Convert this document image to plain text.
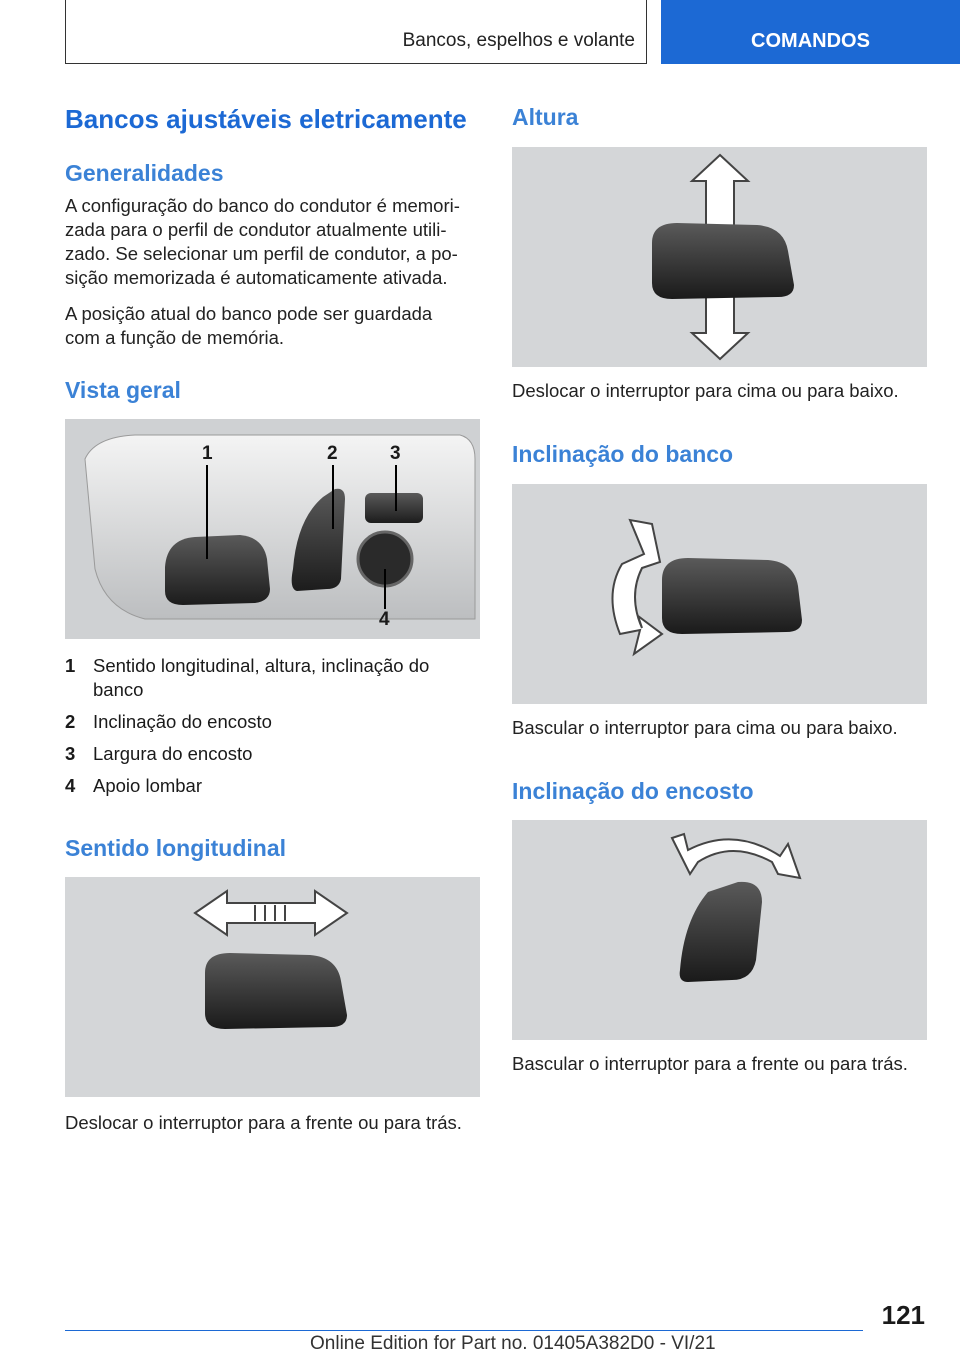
Bancos, espelhos e volante	COMANDOS
Bancos ajustáveis eletricamente
Generalidades
A configuração do banco do condutor é memori-
zada para o perfil de condutor atualmente utili-
zado. Se selecionar um perfil de condutor, a po-
sição memorizada é automaticamente ativada.
A posição atual do banco pode ser guardada
com a função de memória.
Vista geral
1	2	3
4
1 Sentido longitudinal, altura, inclinação do
banco
2 Inclinação do encosto
3 Largura do encosto
4 Apoio lombar
Sentido longitudinal
Deslocar o interruptor para a frente ou para trás.
Altura
Deslocar o interruptor para cima ou para baixo.
Inclinação do banco
Bascular o interruptor para cima ou para baixo.
Inclinação do encosto
Bascular o interruptor para a frente ou para trás.
121
Online Edition for Part no. 01405A382D0 - VI/21
